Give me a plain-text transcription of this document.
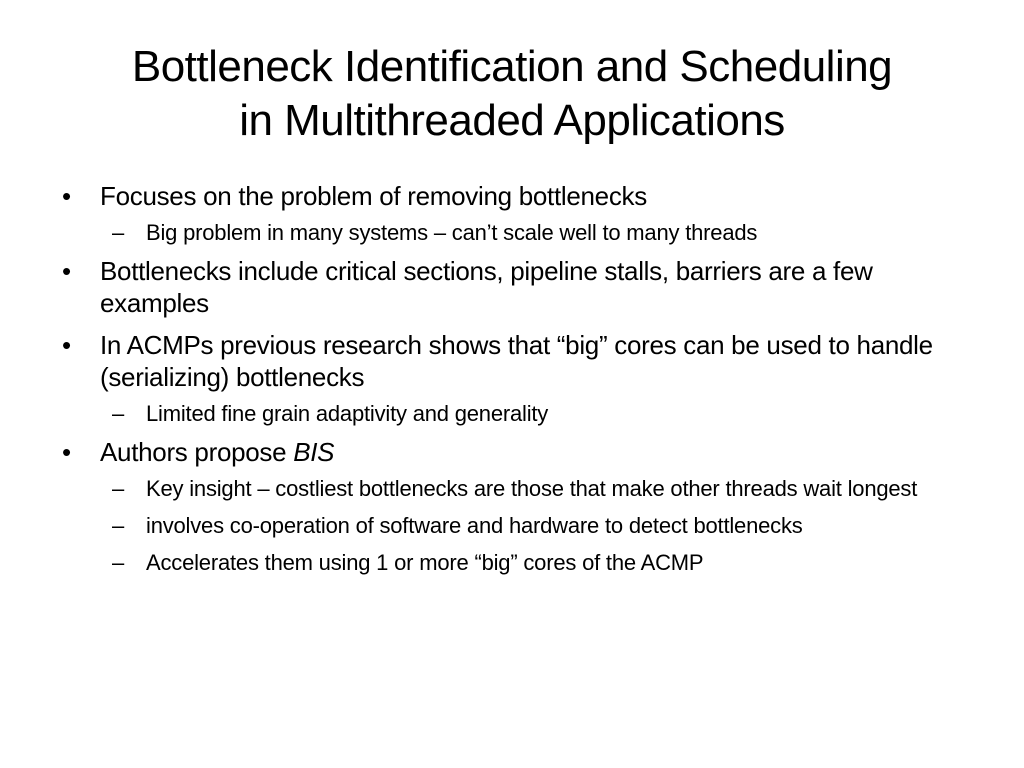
Bottleneck Identification and Scheduling
in Multithreaded Applications
•	Focuses on the problem of removing bottlenecks
– Big problem in many systems – can’t scale well to many threads
•	Bottlenecks include critical sections, pipeline stalls, barriers are a few examples
•	In ACMPs previous research shows that “big” cores can be used to handle (serializing) bottlenecks
– Limited fine grain adaptivity and generality
•	Authors propose BIS
– Key insight – costliest bottlenecks are those that make other threads wait longest
– involves co-operation of software and hardware to detect bottlenecks
– Accelerates them using 1 or more “big” cores of the ACMP
